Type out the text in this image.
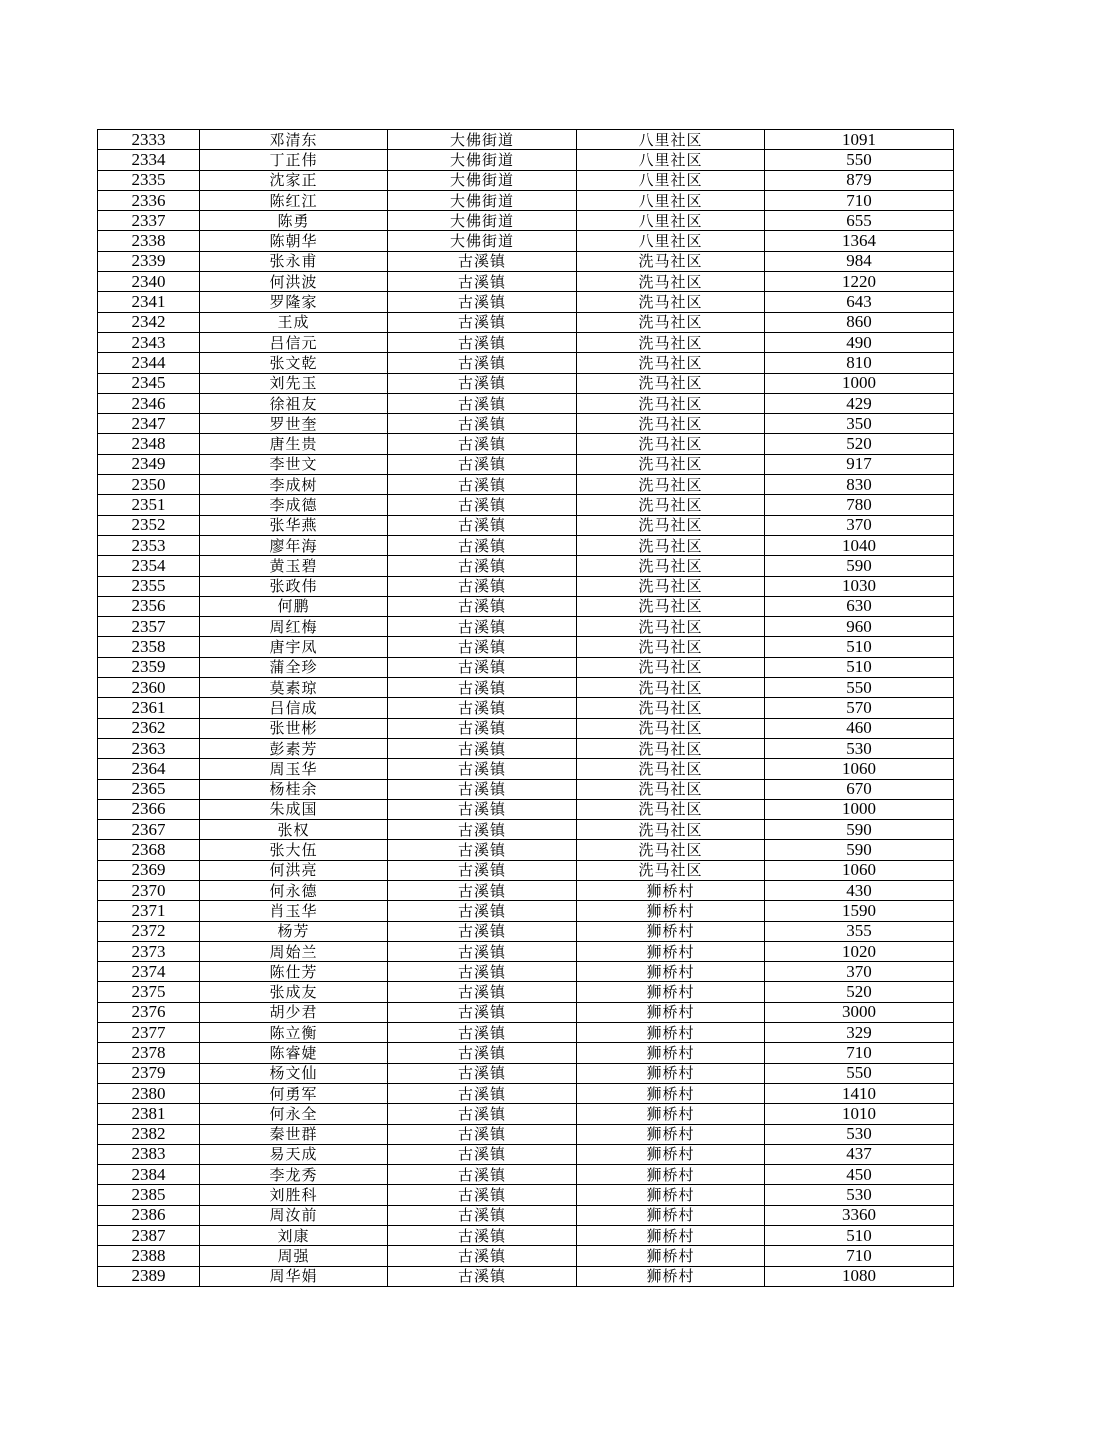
2333	邓清东	大佛街道	八里社区	1091
2334	丁正伟	大佛街道	八里社区	550
2335	沈家正	大佛街道	八里社区	879
2336	陈红江	大佛街道	八里社区	710
2337	陈勇	大佛街道	八里社区	655
2338	陈朝华	大佛街道	八里社区	1364
2339	张永甫	古溪镇	洗马社区	984
2340	何洪波	古溪镇	洗马社区	1220
2341	罗隆家	古溪镇	洗马社区	643
2342	王成	古溪镇	洗马社区	860
2343	吕信元	古溪镇	洗马社区	490
2344	张文乾	古溪镇	洗马社区	810
2345	刘先玉	古溪镇	洗马社区	1000
2346	徐祖友	古溪镇	洗马社区	429
2347	罗世奎	古溪镇	洗马社区	350
2348	唐生贵	古溪镇	洗马社区	520
2349	李世文	古溪镇	洗马社区	917
2350	李成树	古溪镇	洗马社区	830
2351	李成德	古溪镇	洗马社区	780
2352	张华燕	古溪镇	洗马社区	370
2353	廖年海	古溪镇	洗马社区	1040
2354	黄玉碧	古溪镇	洗马社区	590
2355	张政伟	古溪镇	洗马社区	1030
2356	何鹏	古溪镇	洗马社区	630
2357	周红梅	古溪镇	洗马社区	960
2358	唐宇凤	古溪镇	洗马社区	510
2359	蒲全珍	古溪镇	洗马社区	510
2360	莫素琼	古溪镇	洗马社区	550
2361	吕信成	古溪镇	洗马社区	570
2362	张世彬	古溪镇	洗马社区	460
2363	彭素芳	古溪镇	洗马社区	530
2364	周玉华	古溪镇	洗马社区	1060
2365	杨桂余	古溪镇	洗马社区	670
2366	朱成国	古溪镇	洗马社区	1000
2367	张权	古溪镇	洗马社区	590
2368	张大伍	古溪镇	洗马社区	590
2369	何洪亮	古溪镇	洗马社区	1060
2370	何永德	古溪镇	狮桥村	430
2371	肖玉华	古溪镇	狮桥村	1590
2372	杨芳	古溪镇	狮桥村	355
2373	周始兰	古溪镇	狮桥村	1020
2374	陈仕芳	古溪镇	狮桥村	370
2375	张成友	古溪镇	狮桥村	520
2376	胡少君	古溪镇	狮桥村	3000
2377	陈立衡	古溪镇	狮桥村	329
2378	陈睿婕	古溪镇	狮桥村	710
2379	杨文仙	古溪镇	狮桥村	550
2380	何勇军	古溪镇	狮桥村	1410
2381	何永全	古溪镇	狮桥村	1010
2382	秦世群	古溪镇	狮桥村	530
2383	易天成	古溪镇	狮桥村	437
2384	李龙秀	古溪镇	狮桥村	450
2385	刘胜科	古溪镇	狮桥村	530
2386	周汝前	古溪镇	狮桥村	3360
2387	刘康	古溪镇	狮桥村	510
2388	周强	古溪镇	狮桥村	710
2389	周华娟	古溪镇	狮桥村	1080
